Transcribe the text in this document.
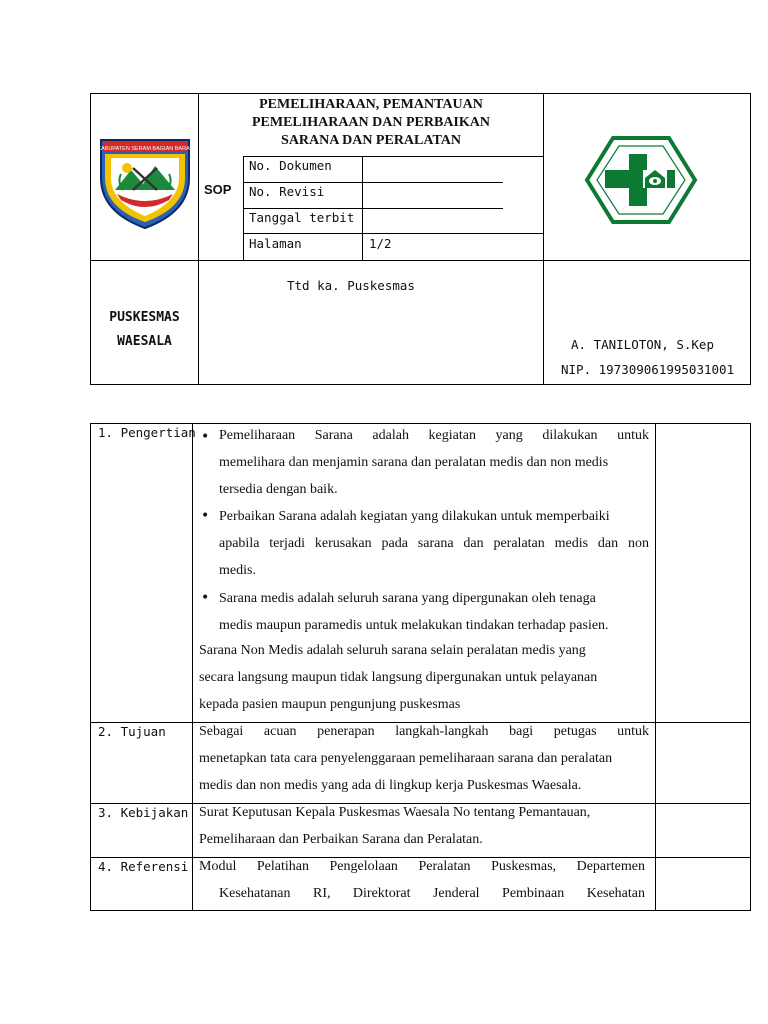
KABUPATEN SERAM BAGIAN BARAT
PEMELIHARAAN, PEMANTAUAN
PEMELIHARAAN DAN PERBAIKAN
SARANA DAN PERALATAN
SOP
No. Dokumen
No. Revisi
Tanggal terbit
Halaman	1/2
PUSKESMAS
WAESALA
Ttd ka. Puskesmas
A. TANILOTON, S.Kep
NIP. 197309061995031001
1. Pengertian • Pemeliharaan Sarana adalah kegiatan yang dilakukan untuk
memelihara dan menjamin sarana dan peralatan medis dan non medis
tersedia dengan baik.
• Perbaikan Sarana adalah kegiatan yang dilakukan untuk memperbaiki
apabila terjadi kerusakan pada sarana dan peralatan medis dan non
medis.
• Sarana medis adalah seluruh sarana yang dipergunakan oleh tenaga
medis maupun paramedis untuk melakukan tindakan terhadap pasien.
Sarana Non Medis adalah seluruh sarana selain peralatan medis yang
secara langsung maupun tidak langsung dipergunakan untuk pelayanan
kepada pasien maupun pengunjung puskesmas
2. Tujuan Sebagai acuan penerapan langkah-langkah bagi petugas untuk
menetapkan tata cara penyelenggaraan pemeliharaan sarana dan peralatan
medis dan non medis yang ada di lingkup kerja Puskesmas Waesala.
3. Kebijakan Surat Keputusan Kepala Puskesmas Waesala No tentang Pemantauan,
Pemeliharaan dan Perbaikan Sarana dan Peralatan.
4. Referensi Modul Pelatihan Pengelolaan Peralatan Puskesmas, Departemen
Kesehatanan RI, Direktorat Jenderal Pembinaan Kesehatan
